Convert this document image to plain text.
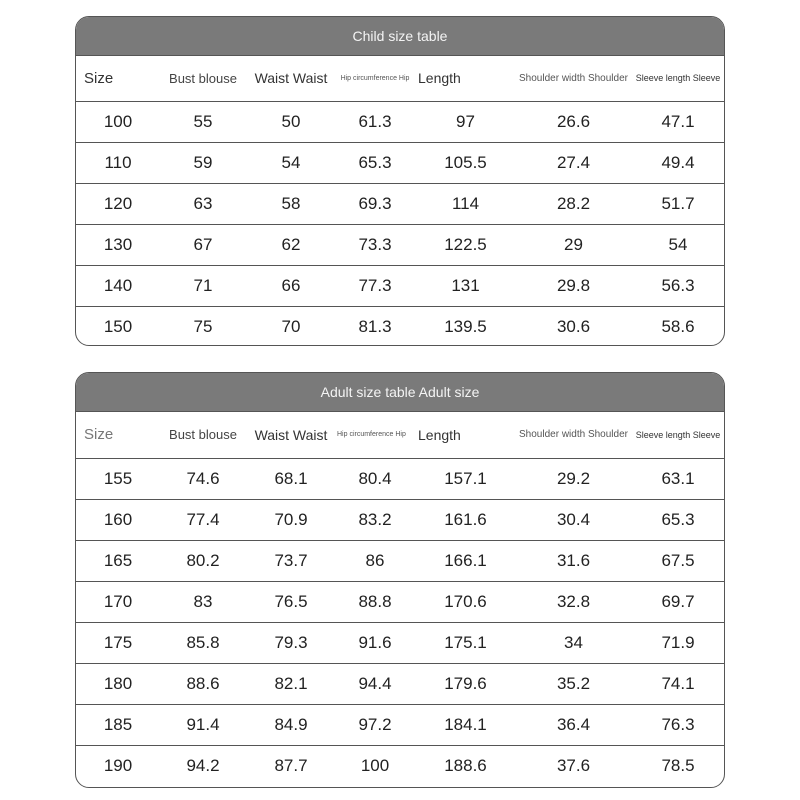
Child size table
Size	Bust blouse	Waist Waist	Hip circumference Hip	Length	Shoulder width Shoulder	Sleeve length Sleeve
100	55	50	61.3	97	26.6	47.1
110	59	54	65.3	105.5	27.4	49.4
120	63	58	69.3	114	28.2	51.7
130	67	62	73.3	122.5	29	54
140	71	66	77.3	131	29.8	56.3
150	75	70	81.3	139.5	30.6	58.6
Adult size table Adult size
Size	Bust blouse	Waist Waist	Hip circumference Hip	Length	Shoulder width Shoulder	Sleeve length Sleeve
155	74.6	68.1	80.4	157.1	29.2	63.1
160	77.4	70.9	83.2	161.6	30.4	65.3
165	80.2	73.7	86	166.1	31.6	67.5
170	83	76.5	88.8	170.6	32.8	69.7
175	85.8	79.3	91.6	175.1	34	71.9
180	88.6	82.1	94.4	179.6	35.2	74.1
185	91.4	84.9	97.2	184.1	36.4	76.3
190	94.2	87.7	100	188.6	37.6	78.5
